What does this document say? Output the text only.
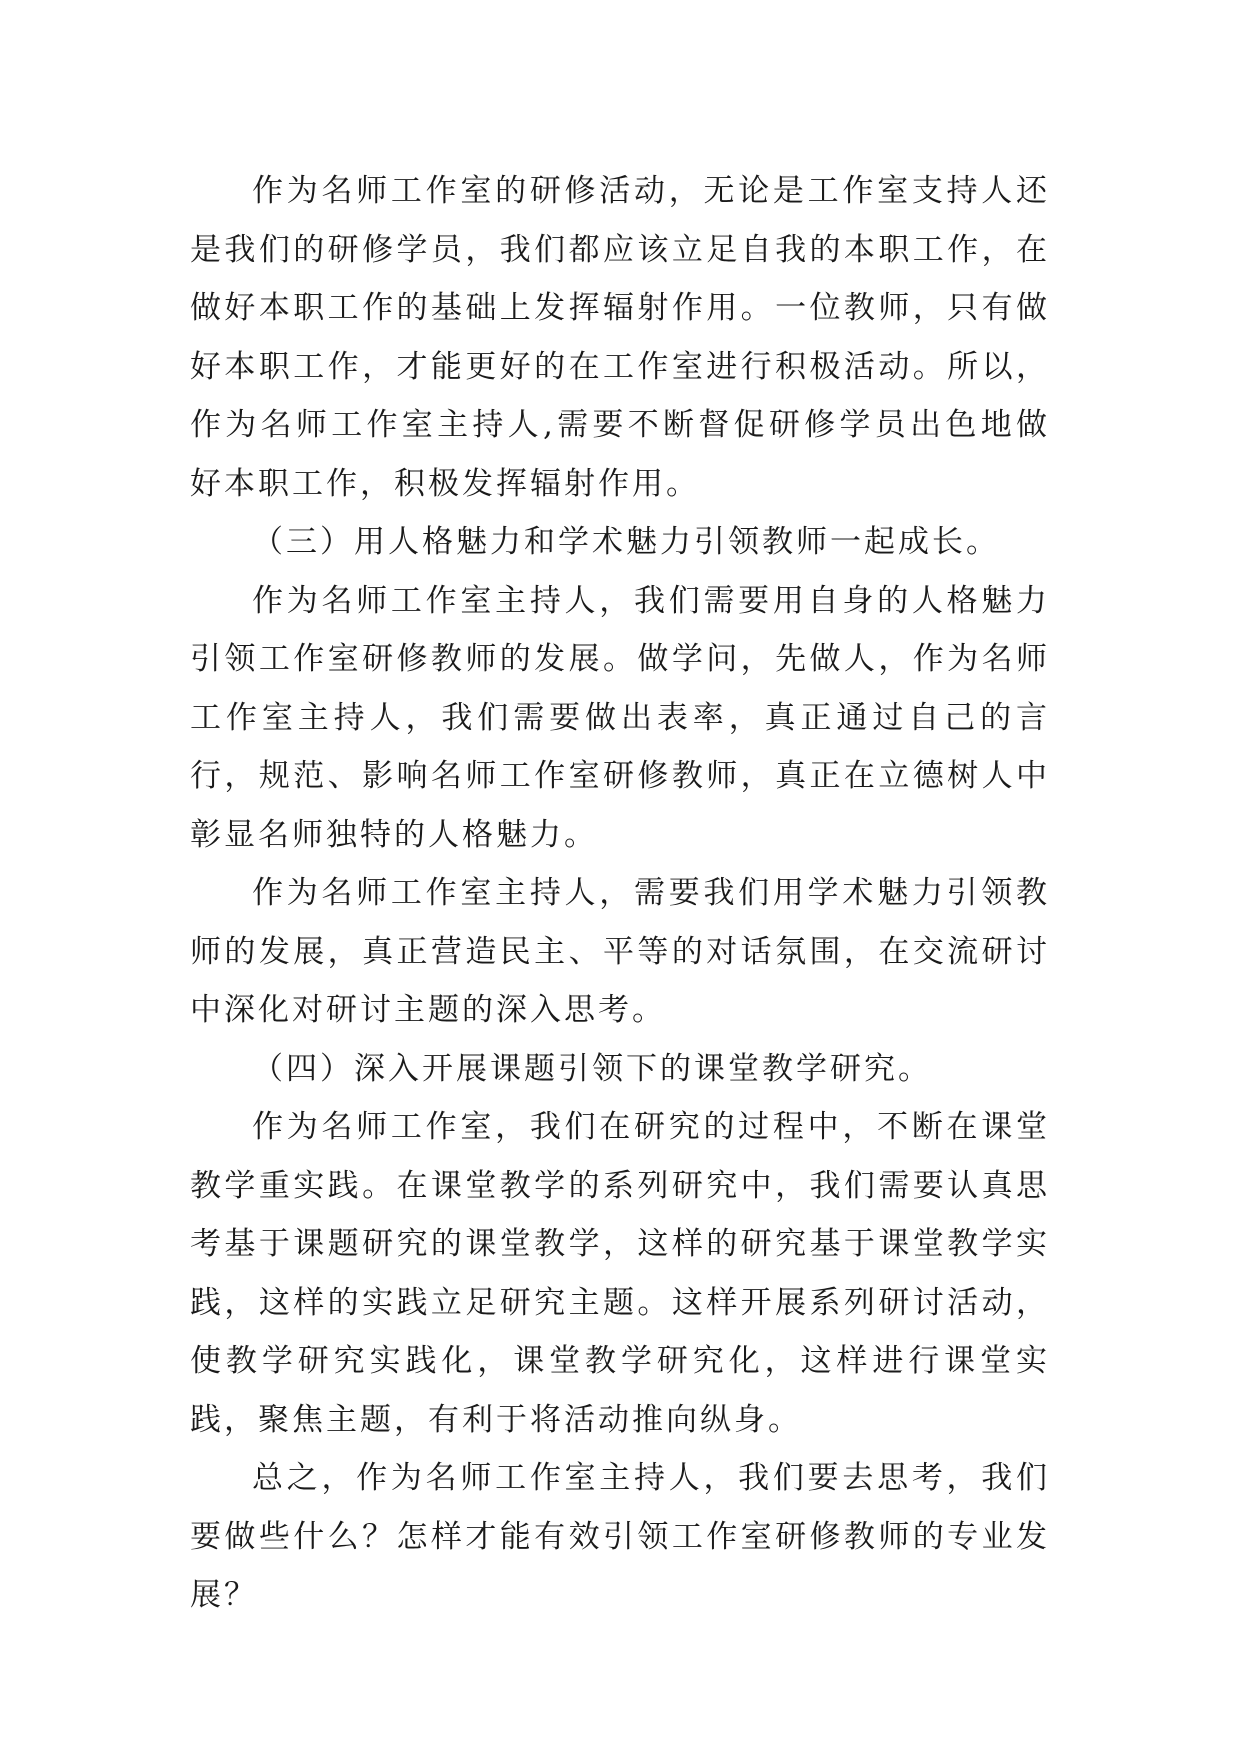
作为名师工作室的研修活动，无论是工作室支持人还是我们的研修学员，我们都应该立足自我的本职工作，在做好本职工作的基础上发挥辐射作用。一位教师，只有做好本职工作，才能更好的在工作室进行积极活动。所以，作为名师工作室主持人,需要不断督促研修学员出色地做好本职工作，积极发挥辐射作用。

（三）用人格魅力和学术魅力引领教师一起成长。

作为名师工作室主持人，我们需要用自身的人格魅力引领工作室研修教师的发展。做学问，先做人，作为名师工作室主持人，我们需要做出表率，真正通过自己的言行，规范、影响名师工作室研修教师，真正在立德树人中彰显名师独特的人格魅力。

作为名师工作室主持人，需要我们用学术魅力引领教师的发展，真正营造民主、平等的对话氛围，在交流研讨中深化对研讨主题的深入思考。

（四）深入开展课题引领下的课堂教学研究。

作为名师工作室，我们在研究的过程中，不断在课堂教学重实践。在课堂教学的系列研究中，我们需要认真思考基于课题研究的课堂教学，这样的研究基于课堂教学实践，这样的实践立足研究主题。这样开展系列研讨活动，使教学研究实践化，课堂教学研究化，这样进行课堂实践，聚焦主题，有利于将活动推向纵身。

总之，作为名师工作室主持人，我们要去思考，我们要做些什么？怎样才能有效引领工作室研修教师的专业发展？
